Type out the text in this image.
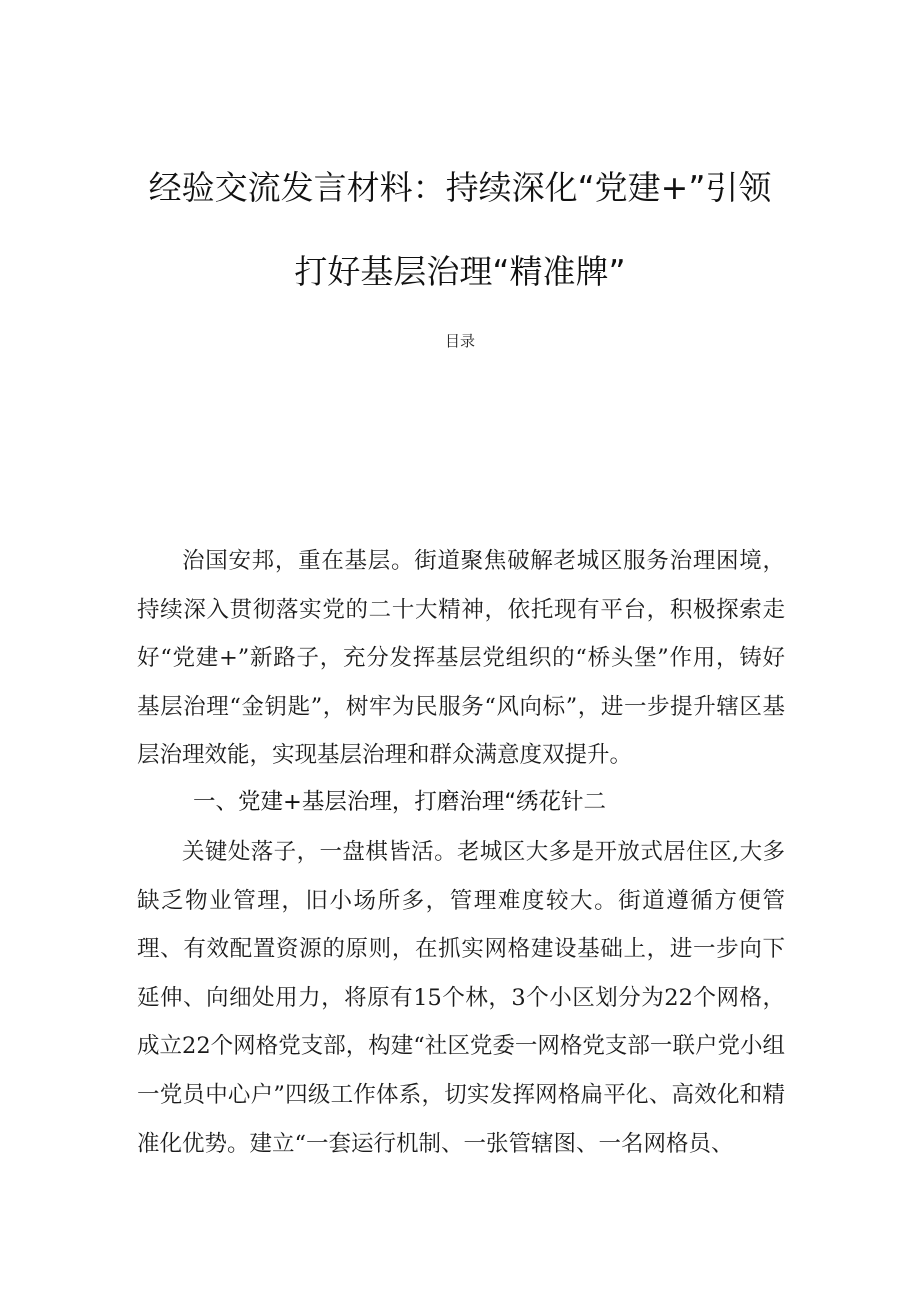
经验交流发言材料：持续深化“党建+”引领
打好基层治理“精准牌”
目录

治国安邦，重在基层。街道聚焦破解老城区服务治理困境，持续深入贯彻落实党的二十大精神，依托现有平台，积极探索走好“党建+”新路子，充分发挥基层党组织的“桥头堡”作用，铸好基层治理“金钥匙”，树牢为民服务“风向标”，进一步提升辖区基层治理效能，实现基层治理和群众满意度双提升。

一、党建+基层治理，打磨治理“绣花针二

关键处落子，一盘棋皆活。老城区大多是开放式居住区,大多缺乏物业管理，旧小场所多，管理难度较大。街道遵循方便管理、有效配置资源的原则，在抓实网格建设基础上，进一步向下延伸、向细处用力，将原有15个林，3个小区划分为22个网格，成立22个网格党支部，构建“社区党委一网格党支部一联户党小组一党员中心户”四级工作体系，切实发挥网格扁平化、高效化和精准化优势。建立“一套运行机制、一张管辖图、一名网格员、
